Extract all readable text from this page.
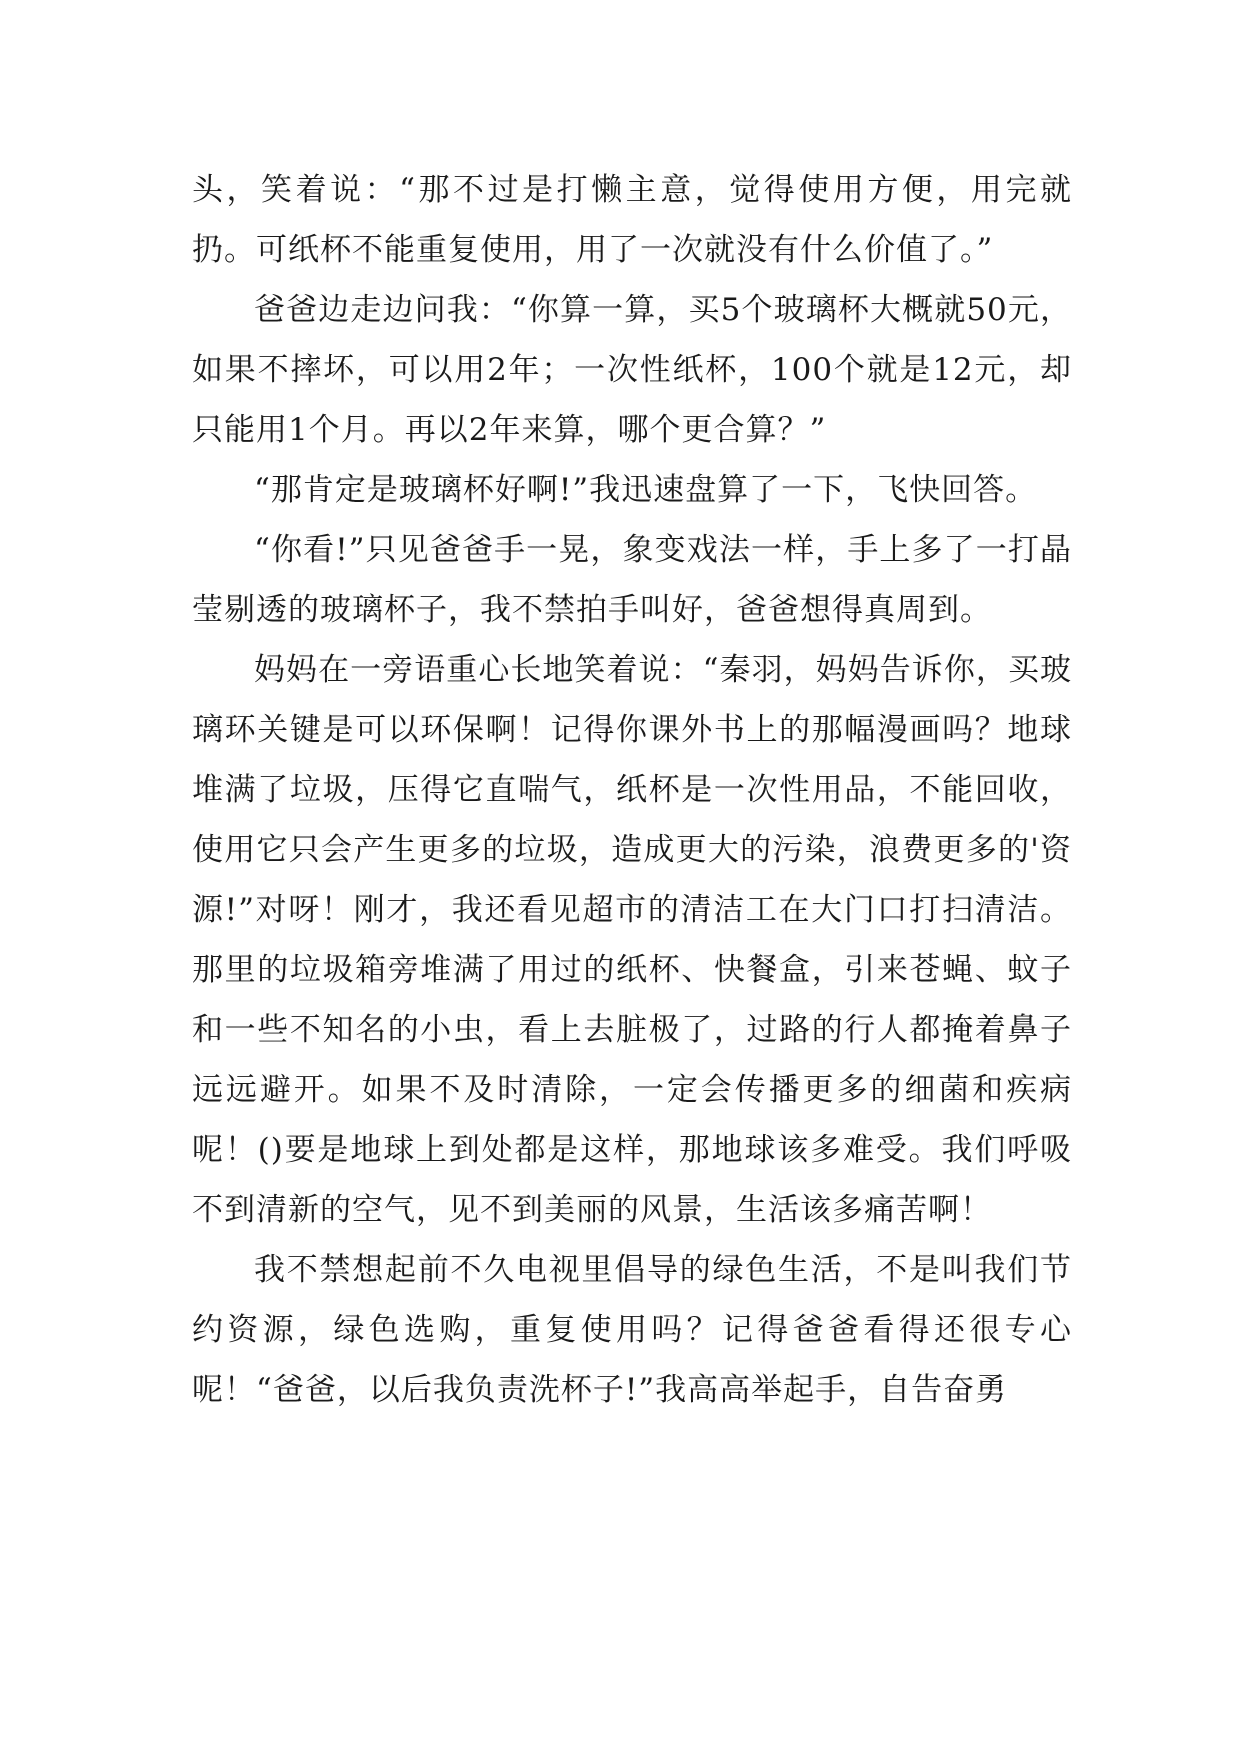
头，笑着说：“那不过是打懒主意，觉得使用方便，用完就扔。可纸杯不能重复使用，用了一次就没有什么价值了。”

爸爸边走边问我：“你算一算，买5个玻璃杯大概就50元，如果不摔坏，可以用2年；一次性纸杯，100个就是12元，却只能用1个月。再以2年来算，哪个更合算？”

“那肯定是玻璃杯好啊!”我迅速盘算了一下，飞快回答。

“你看!”只见爸爸手一晃，象变戏法一样，手上多了一打晶莹剔透的玻璃杯子，我不禁拍手叫好，爸爸想得真周到。

妈妈在一旁语重心长地笑着说：“秦羽，妈妈告诉你，买玻璃环关键是可以环保啊！记得你课外书上的那幅漫画吗？地球堆满了垃圾，压得它直喘气，纸杯是一次性用品，不能回收，使用它只会产生更多的垃圾，造成更大的污染，浪费更多的'资源!”对呀！刚才，我还看见超市的清洁工在大门口打扫清洁。那里的垃圾箱旁堆满了用过的纸杯、快餐盒，引来苍蝇、蚊子和一些不知名的小虫，看上去脏极了，过路的行人都掩着鼻子远远避开。如果不及时清除，一定会传播更多的细菌和疾病呢！()要是地球上到处都是这样，那地球该多难受。我们呼吸不到清新的空气，见不到美丽的风景，生活该多痛苦啊！

我不禁想起前不久电视里倡导的绿色生活，不是叫我们节约资源，绿色选购，重复使用吗？记得爸爸看得还很专心呢！“爸爸，以后我负责洗杯子!”我高高举起手，自告奋勇
